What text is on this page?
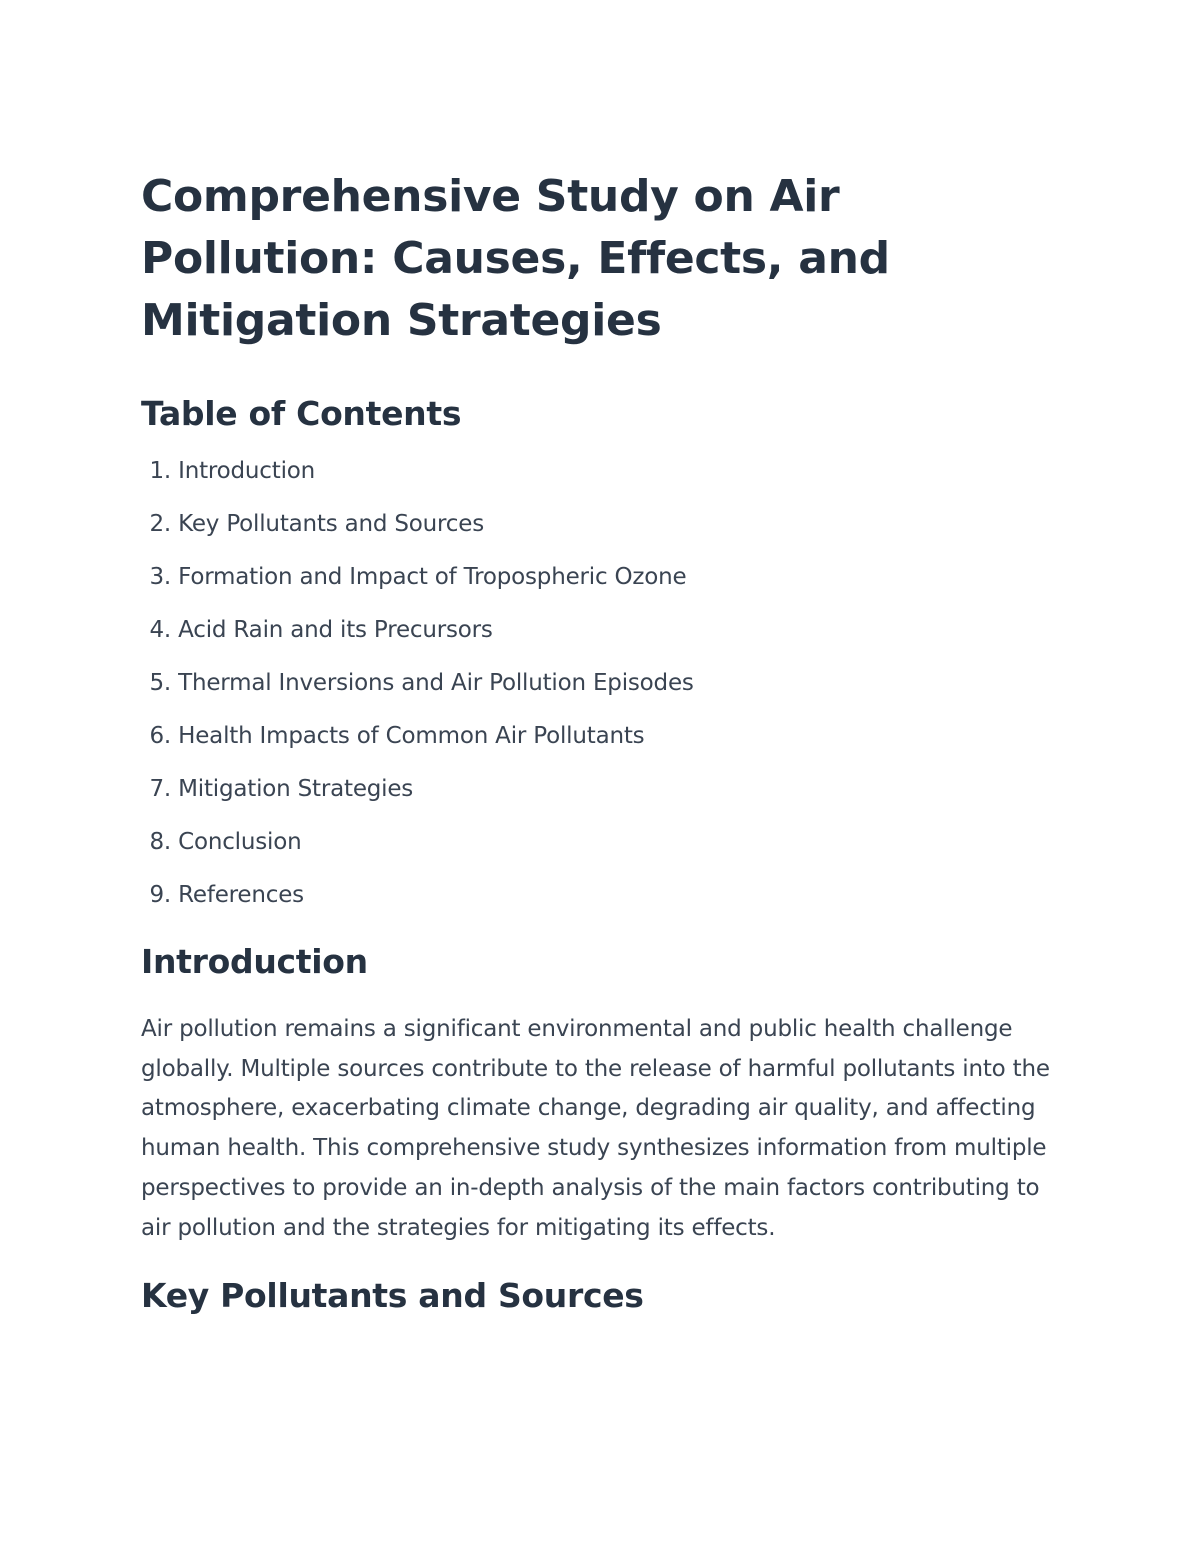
Comprehensive Study on Air Pollution: Causes, Effects, and Mitigation Strategies
Table of Contents
1. Introduction
2. Key Pollutants and Sources
3. Formation and Impact of Tropospheric Ozone
4. Acid Rain and its Precursors
5. Thermal Inversions and Air Pollution Episodes
6. Health Impacts of Common Air Pollutants
7. Mitigation Strategies
8. Conclusion
9. References
Introduction

Air pollution remains a significant environmental and public health challenge globally. Multiple sources contribute to the release of harmful pollutants into the atmosphere, exacerbating climate change, degrading air quality, and affecting human health. This comprehensive study synthesizes information from multiple perspectives to provide an in-depth analysis of the main factors contributing to air pollution and the strategies for mitigating its effects.

Key Pollutants and Sources
